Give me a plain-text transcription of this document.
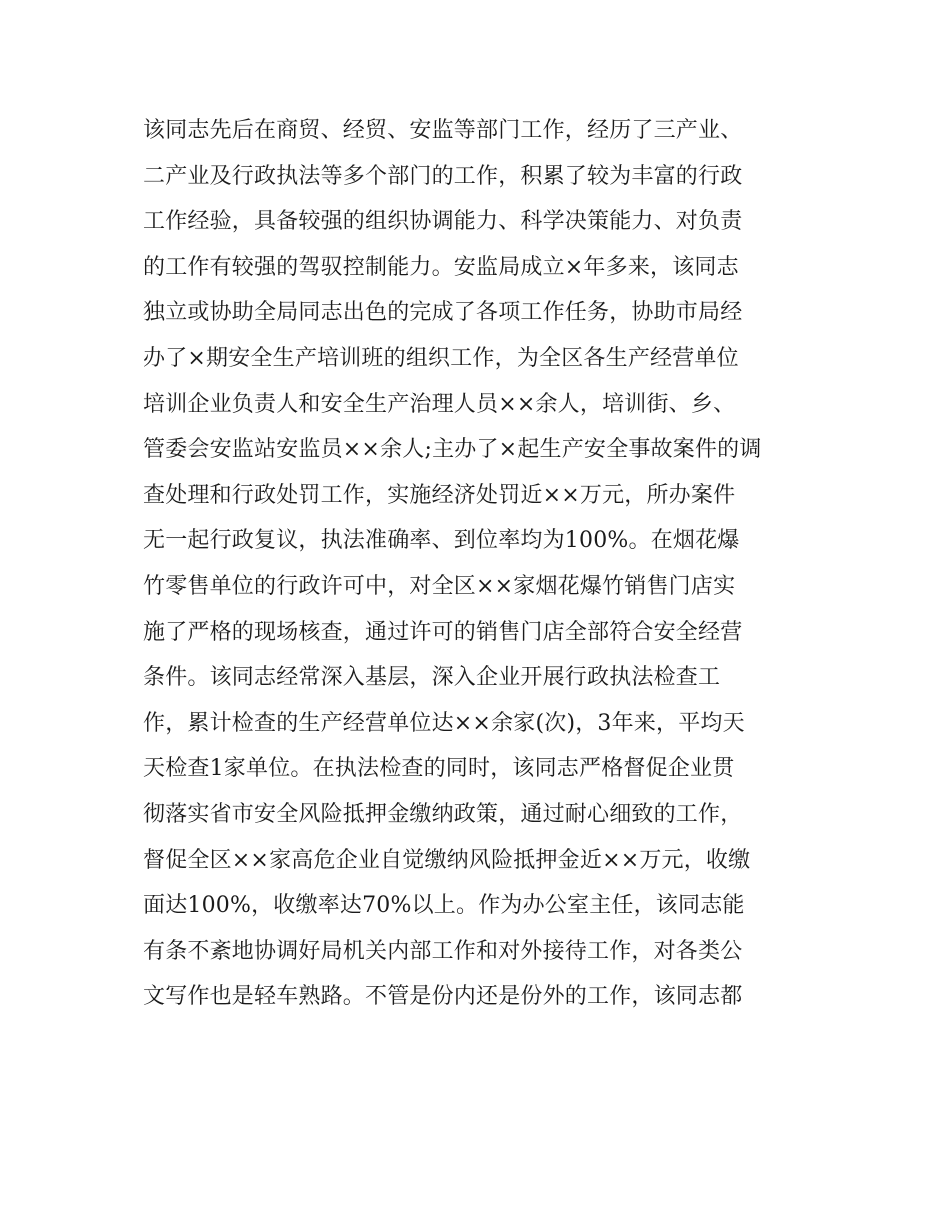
该同志先后在商贸、经贸、安监等部门工作，经历了三产业、
二产业及行政执法等多个部门的工作，积累了较为丰富的行政
工作经验，具备较强的组织协调能力、科学决策能力、对负责
的工作有较强的驾驭控制能力。安监局成立×年多来，该同志
独立或协助全局同志出色的完成了各项工作任务，协助市局经
办了×期安全生产培训班的组织工作，为全区各生产经营单位
培训企业负责人和安全生产治理人员××余人，培训街、乡、
管委会安监站安监员××余人;主办了×起生产安全事故案件的调
查处理和行政处罚工作，实施经济处罚近××万元，所办案件
无一起行政复议，执法准确率、到位率均为100%。在烟花爆
竹零售单位的行政许可中，对全区××家烟花爆竹销售门店实
施了严格的现场核查，通过许可的销售门店全部符合安全经营
条件。该同志经常深入基层，深入企业开展行政执法检查工
作，累计检查的生产经营单位达××余家(次)，3年来，平均天
天检查1家单位。在执法检查的同时，该同志严格督促企业贯
彻落实省市安全风险抵押金缴纳政策，通过耐心细致的工作，
督促全区××家高危企业自觉缴纳风险抵押金近××万元，收缴
面达100%，收缴率达70%以上。作为办公室主任，该同志能
有条不紊地协调好局机关内部工作和对外接待工作，对各类公
文写作也是轻车熟路。不管是份内还是份外的工作，该同志都
